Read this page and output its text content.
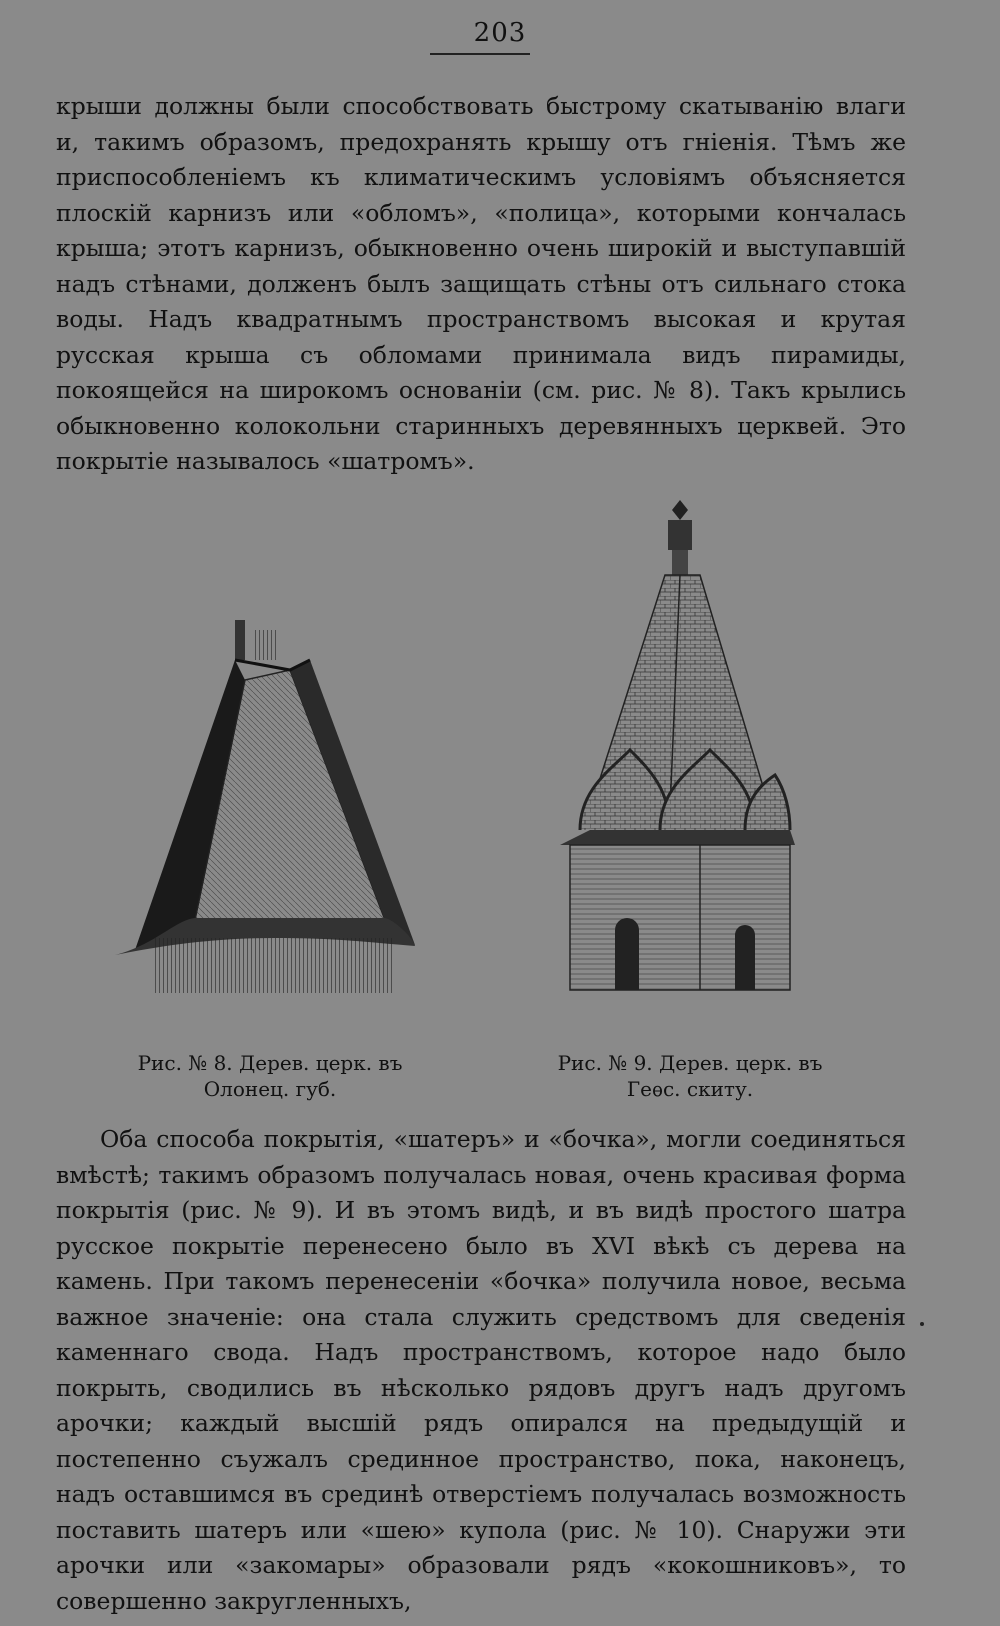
203

крыши должны были способствовать быстрому скатыванію влаги и, такимъ образомъ, предохранять крышу отъ гніенія. Тѣмъ же приспособленіемъ къ климатическимъ условіямъ объясняется плоскій карнизъ или «обломъ», «полица», которыми кончалась крыша; этотъ карнизъ, обыкновенно очень широкій и выступавшій надъ стѣнами, долженъ былъ защищать стѣны отъ сильнаго стока воды. Надъ квадратнымъ пространствомъ высокая и крутая русская крыша съ обломами принимала видъ пирамиды, покоящейся на широкомъ основаніи (см. рис. № 8). Такъ крылись обыкновенно колокольни старинныхъ деревянныхъ церквей. Это покрытіе называлось «шатромъ».

Рис. № 8. Дерев. церк. въ
Олонец. губ.
Рис. № 9. Дерев. церк. въ
Геѳс. скиту.

Оба способа покрытія, «шатеръ» и «бочка», могли соединяться вмѣстѣ; такимъ образомъ получалась новая, очень красивая форма покрытія (рис. № 9). И въ этомъ видѣ, и въ видѣ простого шатра русское покрытіе перенесено было въ XVI вѣкѣ съ дерева на камень. При такомъ перенесеніи «бочка» получила новое, весьма важное значеніе: она стала служить средствомъ для сведенія каменнаго свода. Надъ пространствомъ, которое надо было покрыть, сводились въ нѣсколько рядовъ другъ надъ другомъ арочки; каждый высшій рядъ опирался на предыдущій и постепенно съужалъ срединное пространство, пока, наконецъ, надъ оставшимся въ срединѣ отверстіемъ получалась возможность поставить шатеръ или «шею» купола (рис. № 10). Снаружи эти арочки или «закомары» образовали рядъ «кокошниковъ», то совершенно закругленныхъ,
